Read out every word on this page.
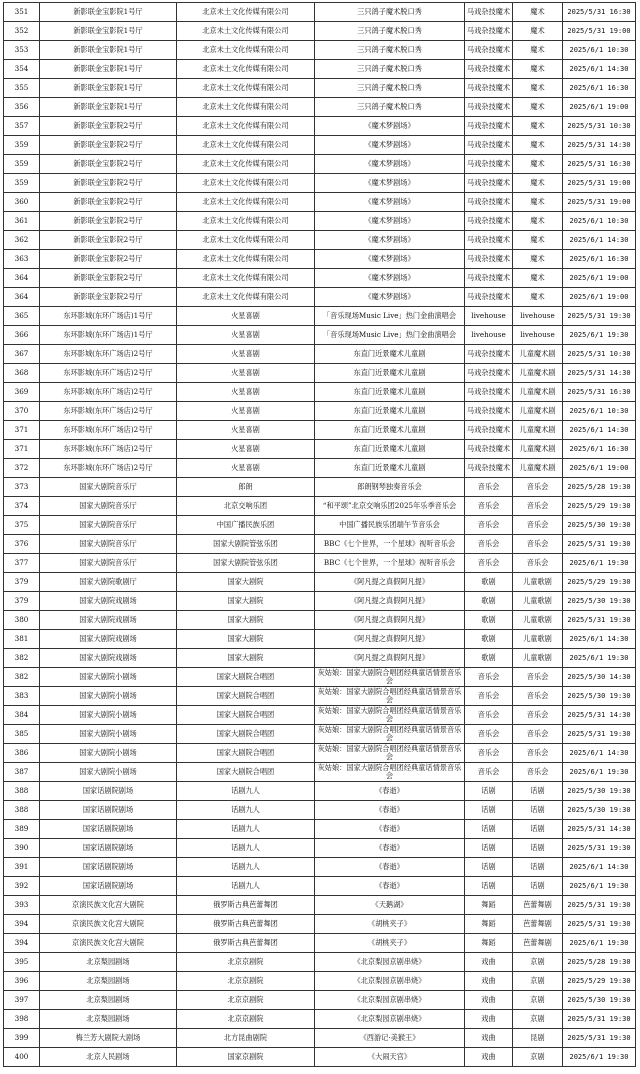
351	新影联金宝影院1号厅	北京未土文化传媒有限公司	三只鸽子魔术脱口秀	马戏杂技魔术	魔术	2025/5/31 16:30
352	新影联金宝影院1号厅	北京未土文化传媒有限公司	三只鸽子魔术脱口秀	马戏杂技魔术	魔术	2025/5/31 19:00
353	新影联金宝影院1号厅	北京未土文化传媒有限公司	三只鸽子魔术脱口秀	马戏杂技魔术	魔术	2025/6/1 10:30
354	新影联金宝影院1号厅	北京未土文化传媒有限公司	三只鸽子魔术脱口秀	马戏杂技魔术	魔术	2025/6/1 14:30
355	新影联金宝影院1号厅	北京未土文化传媒有限公司	三只鸽子魔术脱口秀	马戏杂技魔术	魔术	2025/6/1 16:30
356	新影联金宝影院1号厅	北京未土文化传媒有限公司	三只鸽子魔术脱口秀	马戏杂技魔术	魔术	2025/6/1 19:00
357	新影联金宝影院2号厅	北京未土文化传媒有限公司	《魔术梦剧场》	马戏杂技魔术	魔术	2025/5/31 10:30
359	新影联金宝影院2号厅	北京未土文化传媒有限公司	《魔术梦剧场》	马戏杂技魔术	魔术	2025/5/31 14:30
359	新影联金宝影院2号厅	北京未土文化传媒有限公司	《魔术梦剧场》	马戏杂技魔术	魔术	2025/5/31 16:30
359	新影联金宝影院2号厅	北京未土文化传媒有限公司	《魔术梦剧场》	马戏杂技魔术	魔术	2025/5/31 19:00
360	新影联金宝影院2号厅	北京未土文化传媒有限公司	《魔术梦剧场》	马戏杂技魔术	魔术	2025/5/31 19:00
361	新影联金宝影院2号厅	北京未土文化传媒有限公司	《魔术梦剧场》	马戏杂技魔术	魔术	2025/6/1 10:30
362	新影联金宝影院2号厅	北京未土文化传媒有限公司	《魔术梦剧场》	马戏杂技魔术	魔术	2025/6/1 14:30
363	新影联金宝影院2号厅	北京未土文化传媒有限公司	《魔术梦剧场》	马戏杂技魔术	魔术	2025/6/1 16:30
364	新影联金宝影院2号厅	北京未土文化传媒有限公司	《魔术梦剧场》	马戏杂技魔术	魔术	2025/6/1 19:00
364	新影联金宝影院2号厅	北京未土文化传媒有限公司	《魔术梦剧场》	马戏杂技魔术	魔术	2025/6/1 19:00
365	东环影城(东环广场店)1号厅	火星喜剧	「音乐现场Music Live」热门金曲演唱会	livehouse	livehouse	2025/5/31 19:30
366	东环影城(东环广场店)1号厅	火星喜剧	「音乐现场Music Live」热门金曲演唱会	livehouse	livehouse	2025/6/1 19:30
367	东环影城(东环广场店)2号厅	火星喜剧	东直门近景魔术儿童剧	马戏杂技魔术	儿童魔术剧	2025/5/31 10:30
368	东环影城(东环广场店)2号厅	火星喜剧	东直门近景魔术儿童剧	马戏杂技魔术	儿童魔术剧	2025/5/31 14:30
369	东环影城(东环广场店)2号厅	火星喜剧	东直门近景魔术儿童剧	马戏杂技魔术	儿童魔术剧	2025/5/31 16:30
370	东环影城(东环广场店)2号厅	火星喜剧	东直门近景魔术儿童剧	马戏杂技魔术	儿童魔术剧	2025/6/1 10:30
371	东环影城(东环广场店)2号厅	火星喜剧	东直门近景魔术儿童剧	马戏杂技魔术	儿童魔术剧	2025/6/1 14:30
371	东环影城(东环广场店)2号厅	火星喜剧	东直门近景魔术儿童剧	马戏杂技魔术	儿童魔术剧	2025/6/1 16:30
372	东环影城(东环广场店)2号厅	火星喜剧	东直门近景魔术儿童剧	马戏杂技魔术	儿童魔术剧	2025/6/1 19:00
373	国家大剧院音乐厅	郎朗	郎朗钢琴独奏音乐会	音乐会	音乐会	2025/5/28 19:30
374	国家大剧院音乐厅	北京交响乐团	“和平颂”北京交响乐团2025年乐季音乐会	音乐会	音乐会	2025/5/29 19:30
375	国家大剧院音乐厅	中国广播民族乐团	中国广播民族乐团端午节音乐会	音乐会	音乐会	2025/5/30 19:30
376	国家大剧院音乐厅	国家大剧院管弦乐团	BBC《七个世界，一个星球》视听音乐会	音乐会	音乐会	2025/5/31 19:30
377	国家大剧院音乐厅	国家大剧院管弦乐团	BBC《七个世界，一个星球》视听音乐会	音乐会	音乐会	2025/6/1 19:30
379	国家大剧院歌剧厅	国家大剧院	《阿凡提之真假阿凡提》	歌剧	儿童歌剧	2025/5/29 19:30
379	国家大剧院戏剧场	国家大剧院	《阿凡提之真假阿凡提》	歌剧	儿童歌剧	2025/5/30 19:30
380	国家大剧院戏剧场	国家大剧院	《阿凡提之真假阿凡提》	歌剧	儿童歌剧	2025/5/31 19:30
381	国家大剧院戏剧场	国家大剧院	《阿凡提之真假阿凡提》	歌剧	儿童歌剧	2025/6/1 14:30
382	国家大剧院戏剧场	国家大剧院	《阿凡提之真假阿凡提》	歌剧	儿童歌剧	2025/6/1 19:30
382	国家大剧院小剧场	国家大剧院合唱团	灰姑娘：国家大剧院合唱团经典童话情景音乐会	音乐会	音乐会	2025/5/30 14:30
383	国家大剧院小剧场	国家大剧院合唱团	灰姑娘：国家大剧院合唱团经典童话情景音乐会	音乐会	音乐会	2025/5/30 19:30
384	国家大剧院小剧场	国家大剧院合唱团	灰姑娘：国家大剧院合唱团经典童话情景音乐会	音乐会	音乐会	2025/5/31 14:30
385	国家大剧院小剧场	国家大剧院合唱团	灰姑娘：国家大剧院合唱团经典童话情景音乐会	音乐会	音乐会	2025/5/31 19:30
386	国家大剧院小剧场	国家大剧院合唱团	灰姑娘：国家大剧院合唱团经典童话情景音乐会	音乐会	音乐会	2025/6/1 14:30
387	国家大剧院小剧场	国家大剧院合唱团	灰姑娘：国家大剧院合唱团经典童话情景音乐会	音乐会	音乐会	2025/6/1 19:30
388	国家话剧院剧场	话剧九人	《春逝》	话剧	话剧	2025/5/30 19:30
388	国家话剧院剧场	话剧九人	《春逝》	话剧	话剧	2025/5/30 19:30
389	国家话剧院剧场	话剧九人	《春逝》	话剧	话剧	2025/5/31 14:30
390	国家话剧院剧场	话剧九人	《春逝》	话剧	话剧	2025/5/31 19:30
391	国家话剧院剧场	话剧九人	《春逝》	话剧	话剧	2025/6/1 14:30
392	国家话剧院剧场	话剧九人	《春逝》	话剧	话剧	2025/6/1 19:30
393	京演民族文化宫大剧院	俄罗斯古典芭蕾舞团	《天鹅湖》	舞蹈	芭蕾舞剧	2025/5/31 19:30
394	京演民族文化宫大剧院	俄罗斯古典芭蕾舞团	《胡桃夹子》	舞蹈	芭蕾舞剧	2025/5/31 19:30
394	京演民族文化宫大剧院	俄罗斯古典芭蕾舞团	《胡桃夹子》	舞蹈	芭蕾舞剧	2025/6/1 19:30
395	北京梨园剧场	北京京剧院	《北京梨园京剧串烧》	戏曲	京剧	2025/5/28 19:30
396	北京梨园剧场	北京京剧院	《北京梨园京剧串烧》	戏曲	京剧	2025/5/29 19:30
397	北京梨园剧场	北京京剧院	《北京梨园京剧串烧》	戏曲	京剧	2025/5/30 19:30
398	北京梨园剧场	北京京剧院	《北京梨园京剧串烧》	戏曲	京剧	2025/5/31 19:30
399	梅兰芳大剧院大剧场	北方昆曲剧院	《西游记·美猴王》	戏曲	昆剧	2025/5/31 19:30
400	北京人民剧场	国家京剧院	《大闹天宫》	戏曲	京剧	2025/6/1 19:30
